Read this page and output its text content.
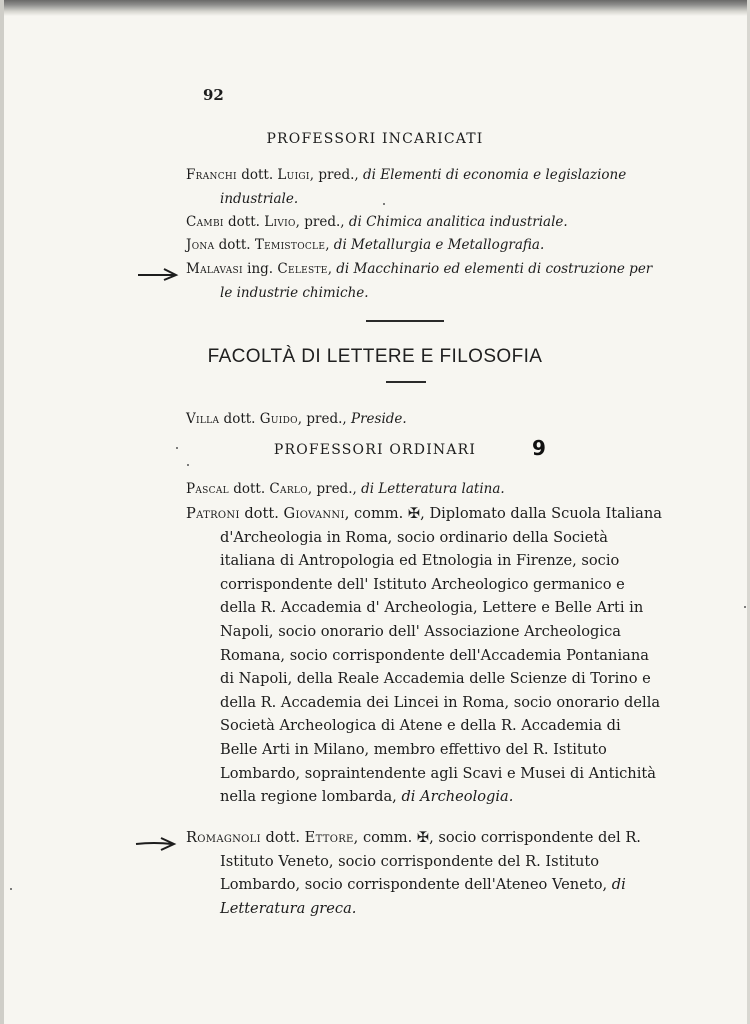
92
PROFESSORI INCARICATI
Franchi dott. Luigi, pred., di Elementi di economia e legislazione industriale.
Cambi dott. Livio, pred., di Chimica analitica industriale.
Jona dott. Temistocle, di Metallurgia e Metallografia.
Malavasi ing. Celeste, di Macchinario ed elementi di costruzione per le industrie chimiche.
FACOLTÀ DI LETTERE E FILOSOFIA
Villa dott. Guido, pred., Preside.
PROFESSORI ORDINARI	9
Pascal dott. Carlo, pred., di Letteratura latina.
Patroni dott. Giovanni, comm. ✠, Diplomato dalla Scuola Italiana d'Archeologia in Roma, socio ordinario della Società italiana di Antropologia ed Etnologia in Firenze, socio corrispondente dell' Istituto Archeologico germanico e della R. Accademia d' Archeologia, Lettere e Belle Arti in Napoli, socio onorario dell' Associazione Archeologica Romana, socio corrispondente dell'Accademia Pontaniana di Napoli, della Reale Accademia delle Scienze di Torino e della R. Accademia dei Lincei in Roma, socio onorario della Società Archeologica di Atene e della R. Accademia di Belle Arti in Milano, membro effettivo del R. Istituto Lombardo, sopraintendente agli Scavi e Musei di Antichità nella regione lombarda, di Archeologia.
Romagnoli dott. Ettore, comm. ✠, socio corrispondente del R. Istituto Veneto, socio corrispondente del R. Istituto Lombardo, socio corrispondente dell'Ateneo Veneto, di Letteratura greca.
